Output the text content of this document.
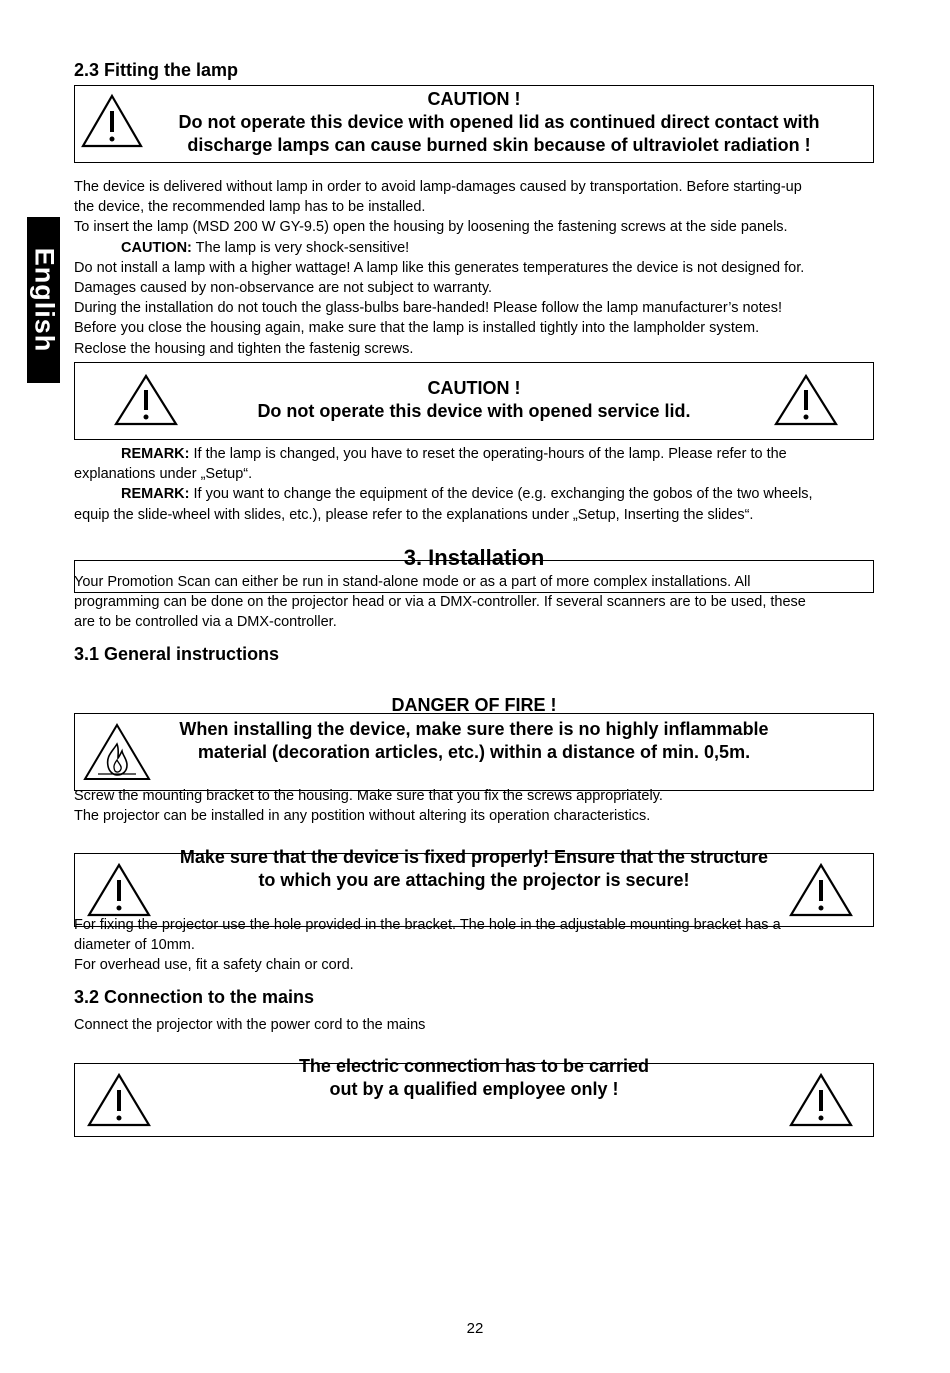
English
2.3 Fitting the lamp
CAUTION !
Do not operate this device with opened lid as continued direct contact with
discharge lamps can cause burned skin because of ultraviolet radiation !
The device is delivered without lamp in order to avoid lamp-damages caused by transportation. Before starting-up
the device, the recommended lamp has to be installed.
To insert the lamp (MSD 200 W GY-9.5) open the housing by loosening the fastening screws at the side panels.
CAUTION: The lamp is very shock-sensitive!
Do not install a lamp with a higher wattage! A lamp like this generates temperatures the device is not designed for.
Damages caused by non-observance are not subject to warranty.
During the installation do not touch the glass-bulbs bare-handed! Please follow the lamp manufacturer’s notes!
Before you close the housing again, make sure that the lamp is installed tightly into the lampholder system.
Reclose the housing and tighten the fastenig screws.
CAUTION !
Do not operate this device with opened service lid.
REMARK: If the lamp is changed, you have to reset the operating-hours of the lamp. Please refer to the
explanations under „Setup“.
REMARK: If you want to change the equipment of the device (e.g. exchanging the gobos of the two wheels,
equip the slide-wheel with slides, etc.), please refer to the explanations under „Setup, Inserting the slides“.
3. Installation
Your Promotion Scan can either be run in stand-alone mode or as a part of more complex installations. All
programming can be done on the projector head or via a DMX-controller. If several scanners are to be used, these
are to be controlled via a DMX-controller.
3.1 General instructions
DANGER OF FIRE !
When installing the device, make sure there is no highly inflammable
material (decoration articles, etc.) within a distance of min. 0,5m.
Screw the mounting bracket to the housing. Make sure that you fix the screws appropriately.
The projector can be installed in any postition without altering its operation characteristics.
Make sure that the device is fixed properly! Ensure that the structure
to which you are attaching the projector is secure!
For fixing the projector use the hole provided in the bracket. The hole in the adjustable mounting bracket has a
diameter of 10mm.
For overhead use, fit a safety chain or cord.
3.2 Connection to the mains
Connect the projector with the power cord to the mains
The electric connection has to be carried
out by a qualified employee only !
22
